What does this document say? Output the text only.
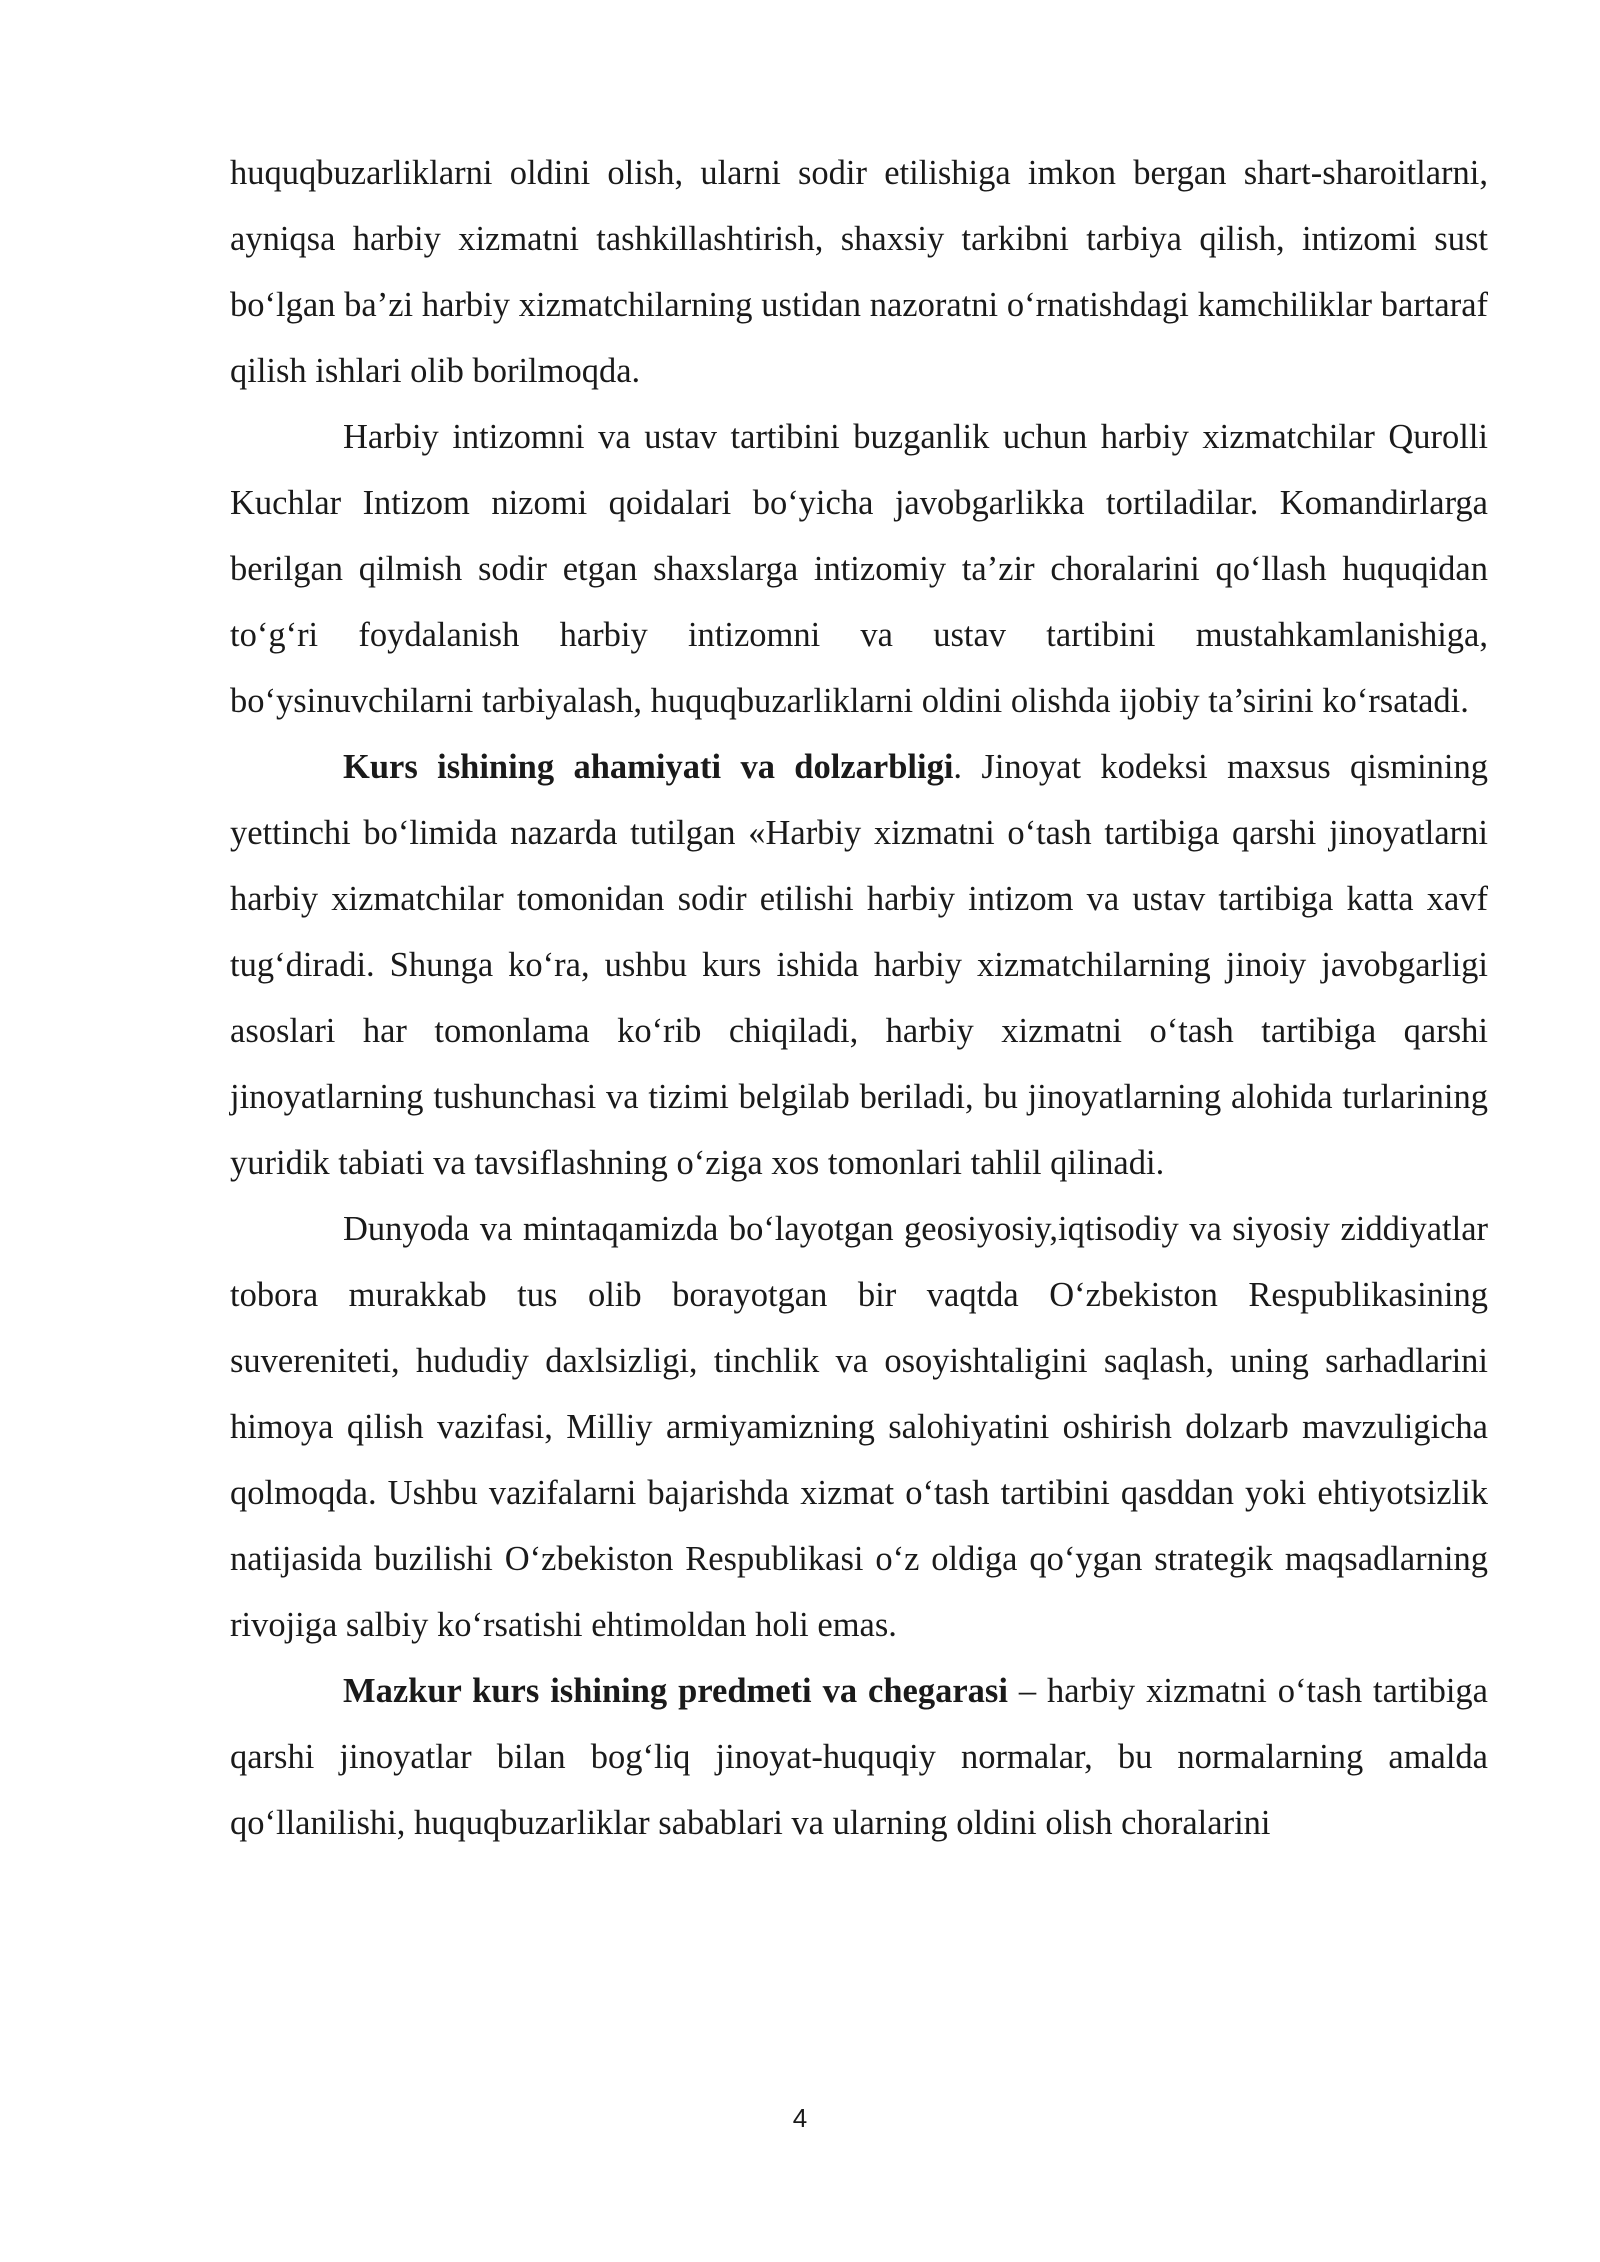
huquqbuzarliklarni oldini olish, ularni sodir etilishiga imkon bergan shart-sharoitlarni, ayniqsa harbiy xizmatni tashkillashtirish, shaxsiy tarkibni tarbiya qilish, intizomi sust bo‘lgan ba’zi harbiy xizmatchilarning ustidan nazoratni o‘rnatishdagi kamchiliklar bartaraf qilish ishlari olib borilmoqda.

Harbiy intizomni va ustav tartibini buzganlik uchun harbiy xizmatchilar Qurolli Kuchlar Intizom nizomi qoidalari bo‘yicha javobgarlikka tortiladilar. Komandirlarga berilgan qilmish sodir etgan shaxslarga intizomiy ta’zir choralarini qo‘llash huquqidan to‘g‘ri foydalanish harbiy intizomni va ustav tartibini mustahkamlanishiga, bo‘ysinuvchilarni tarbiyalash, huquqbuzarliklarni oldini olishda ijobiy ta’sirini ko‘rsatadi.

Kurs ishining ahamiyati va dolzarbligi. Jinoyat kodeksi maxsus qismining yettinchi bo‘limida nazarda tutilgan «Harbiy xizmatni o‘tash tartibiga qarshi jinoyatlarni harbiy xizmatchilar tomonidan sodir etilishi harbiy intizom va ustav tartibiga katta xavf tug‘diradi. Shunga ko‘ra, ushbu kurs ishida harbiy xizmatchilarning jinoiy javobgarligi asoslari har tomonlama ko‘rib chiqiladi, harbiy xizmatni o‘tash tartibiga qarshi jinoyatlarning tushunchasi va tizimi belgilab beriladi, bu jinoyatlarning alohida turlarining yuridik tabiati va tavsiflashning o‘ziga xos tomonlari tahlil qilinadi.

Dunyoda va mintaqamizda bo‘layotgan geosiyosiy,iqtisodiy va siyosiy ziddiyatlar tobora murakkab tus olib borayotgan bir vaqtda O‘zbekiston Respublikasining suvereniteti, hududiy daxlsizligi, tinchlik va osoyishtaligini saqlash, uning sarhadlarini himoya qilish vazifasi, Milliy armiyamizning salohiyatini oshirish dolzarb mavzuligicha qolmoqda. Ushbu vazifalarni bajarishda xizmat o‘tash tartibini qasddan yoki ehtiyotsizlik natijasida buzilishi O‘zbekiston Respublikasi o‘z oldiga qo‘ygan strategik maqsadlarning rivojiga salbiy ko‘rsatishi ehtimoldan holi emas.

Mazkur kurs ishining predmeti va chegarasi – harbiy xizmatni o‘tash tartibiga qarshi jinoyatlar bilan bog‘liq jinoyat-huquqiy normalar, bu normalarning amalda qo‘llanilishi, huquqbuzarliklar sabablari va ularning oldini olish choralarini

4
